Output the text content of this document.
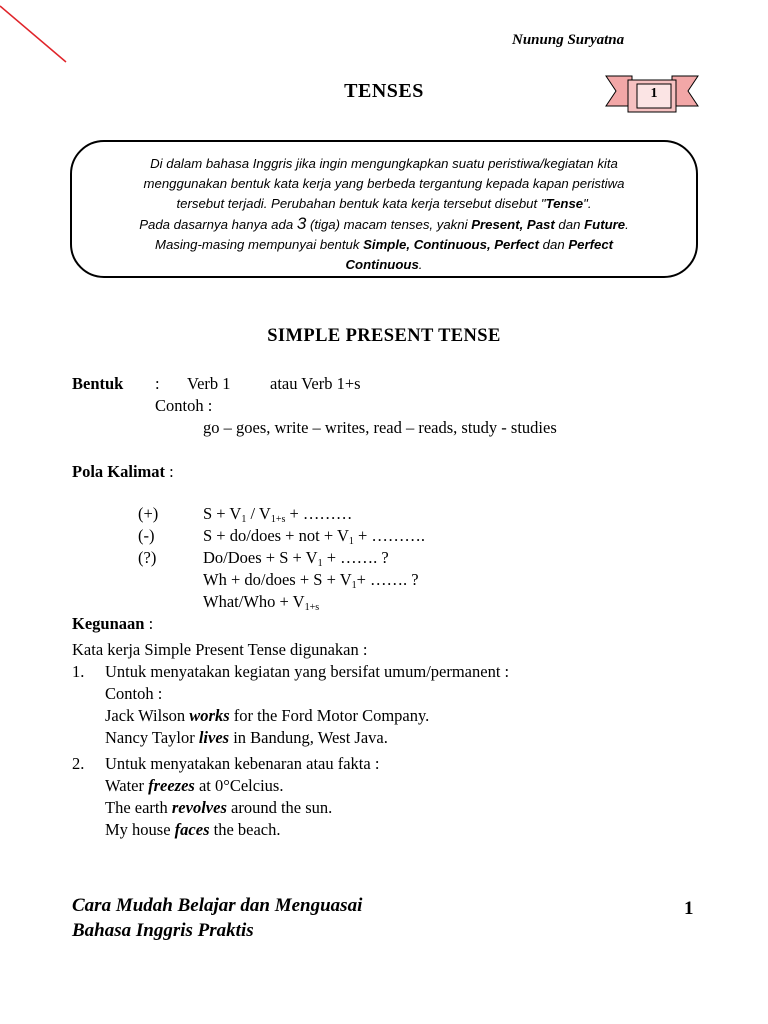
Nunung Suryatna
TENSES	1
Di dalam bahasa Inggris jika ingin mengungkapkan suatu peristiwa/kegiatan kita
menggunakan bentuk kata kerja yang berbeda tergantung kepada kapan peristiwa
tersebut terjadi. Perubahan bentuk kata kerja tersebut disebut "Tense".
Pada dasarnya hanya ada 3 (tiga) macam tenses, yakni Present, Past dan Future.
Masing-masing mempunyai bentuk Simple, Continuous, Perfect dan Perfect
Continuous.
SIMPLE PRESENT TENSE
Bentuk : Verb 1 atau Verb 1+s
Contoh :
go – goes, write – writes, read – reads, study - studies
Pola Kalimat :
(+)	$S + V_1 / V_{1+s}$ + ………
(-)	S + do/does + not + $V_1$ + ……….
(?)	Do/Does + $S + V_1$ + ……. ?
Wh + do/does + $S + V_1+$ ……. ?
What/Who + $V_{1+s}$
Kegunaan :
Kata kerja Simple Present Tense digunakan :
1. Untuk menyatakan kegiatan yang bersifat umum/permanent :
Contoh :
Jack Wilson works for the Ford Motor Company.
Nancy Taylor lives in Bandung, West Java.
2. Untuk menyatakan kebenaran atau fakta :
Water freezes at 0°Celcius.
The earth revolves around the sun.
My house faces the beach.
Cara Mudah Belajar dan Menguasai
Bahasa Inggris Praktis
1
